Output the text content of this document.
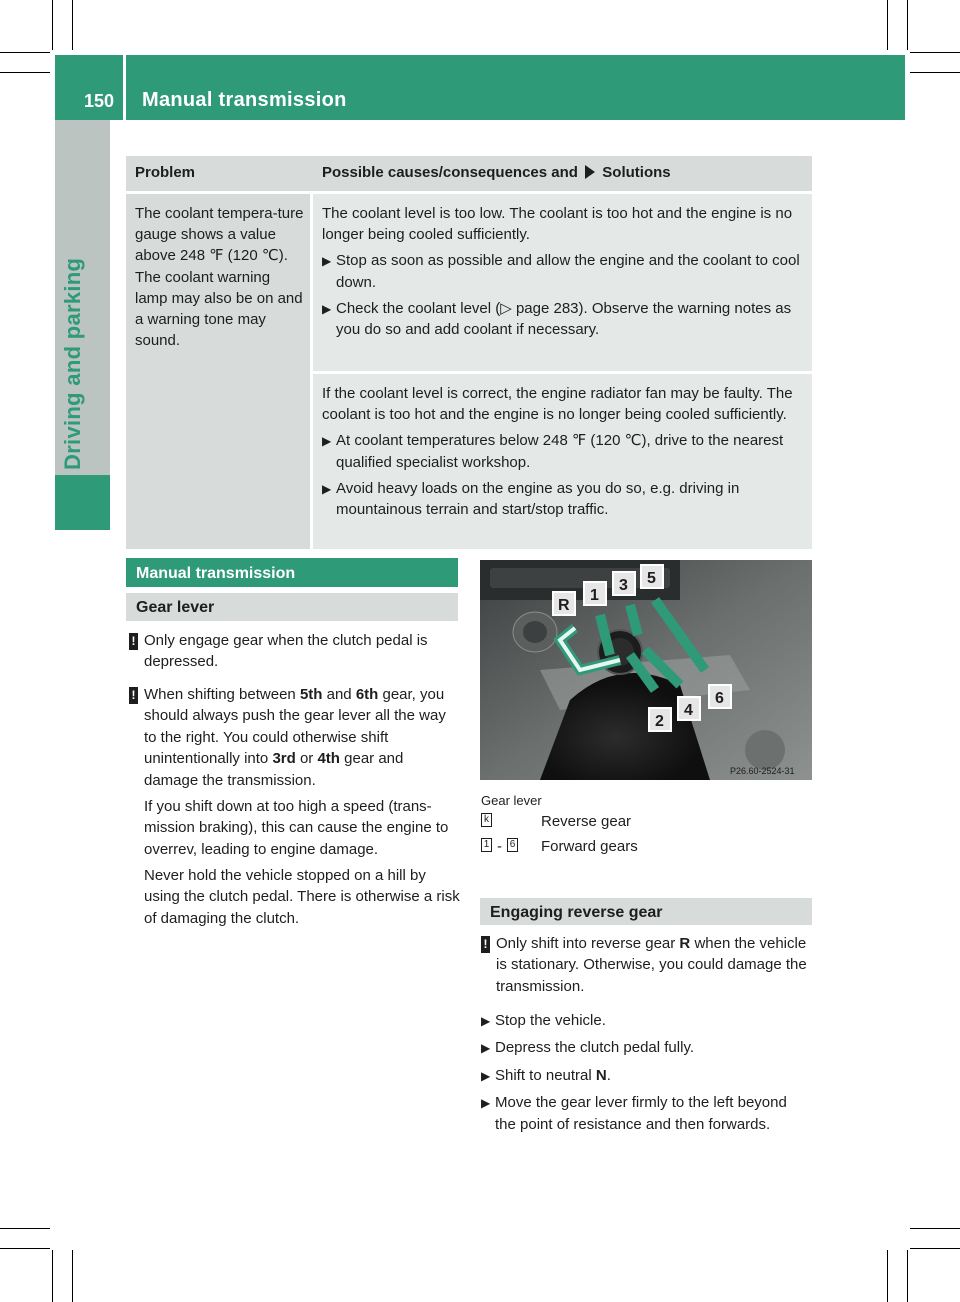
150 Manual transmission
Driving and parking
Problem	Possible causes/consequences and Solutions
The coolant tempera-ture gauge shows a value above 248 ℉ (120 ℃). The coolant warning lamp may also be on and a warning tone may sound.
The coolant level is too low. The coolant is too hot and the engine is no longer being cooled sufficiently.
▶ Stop as soon as possible and allow the engine and the coolant to cool down.
▶ Check the coolant level (▷ page 283). Observe the warning notes as you do so and add coolant if necessary.
If the coolant level is correct, the engine radiator fan may be faulty. The coolant is too hot and the engine is no longer being cooled sufficiently.
▶ At coolant temperatures below 248 ℉ (120 ℃), drive to the nearest qualified specialist workshop.
▶ Avoid heavy loads on the engine as you do so, e.g. driving in mountainous terrain and start/stop traffic.
Manual transmission
Gear lever
! Only engage gear when the clutch pedal is depressed.
! When shifting between 5th and 6th gear, you should always push the gear lever all the way to the right. You could otherwise shift unintentionally into 3rd or 4th gear and damage the transmission.
If you shift down at too high a speed (trans-mission braking), this can cause the engine to overrev, leading to engine damage.
Never hold the vehicle stopped on a hill by using the clutch pedal. There is otherwise a risk of damaging the clutch.
P26.60-2524-31
R
1
3 5
2
4
6
Gear lever
k	Reverse gear
1 - 6 Forward gears
Engaging reverse gear
! Only shift into reverse gear R when the vehicle is stationary. Otherwise, you could damage the transmission.
▶ Stop the vehicle.
▶ Depress the clutch pedal fully.
▶ Shift to neutral N.
▶ Move the gear lever firmly to the left beyond the point of resistance and then forwards.
